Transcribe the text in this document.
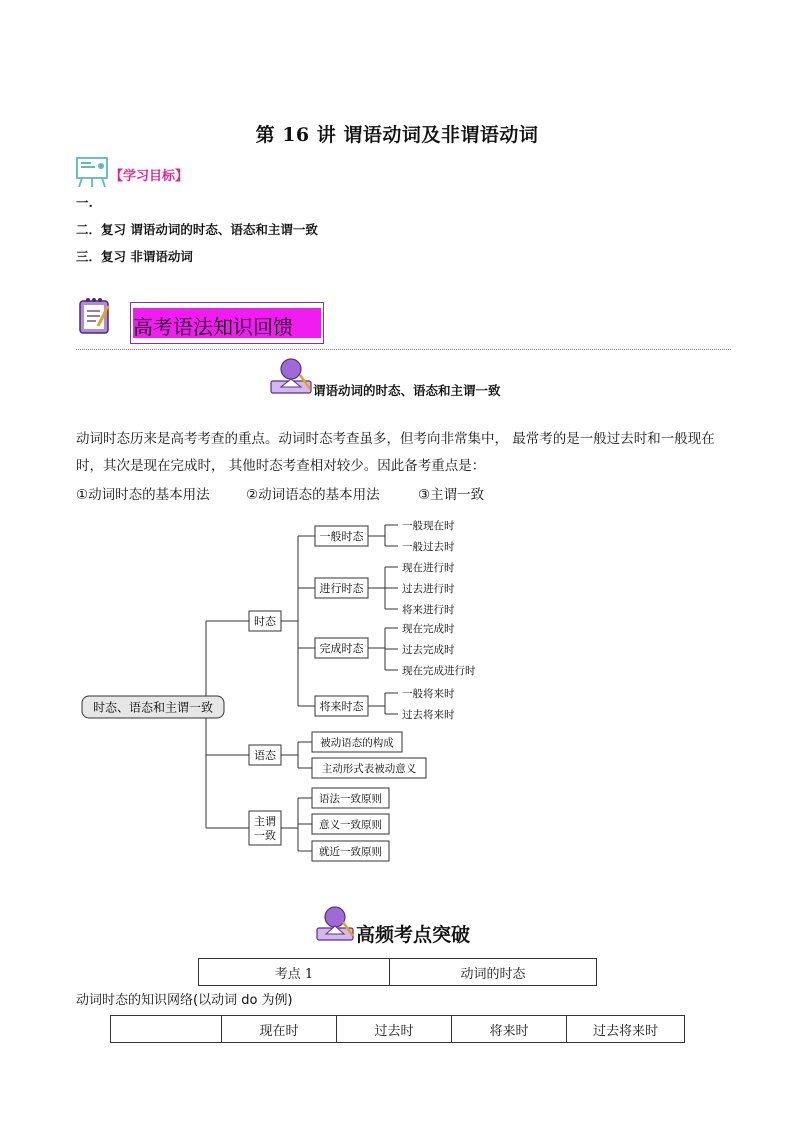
第 16 讲 谓语动词及非谓语动词
【学习目标】
一.
二．复习 谓语动词的时态、语态和主谓一致
三．复习 非谓语动词
高考语法知识回馈
谓语动词的时态、语态和主谓一致
动词时态历来是高考考查的重点。动词时态考查虽多，但考向非常集中， 最常考的是一般过去时和一般现在时，其次是现在完成时， 其他时态考查相对较少。因此备考重点是：
①动词时态的基本用法	②动词语态的基本用法	③主谓一致
时态、语态和主谓一致
时态
一般时态
进行时态
完成时态
将来时态
一般现在时
一般过去时
现在进行时
过去进行时
将来进行时
现在完成时
过去完成时
现在完成进行时
一般将来时
过去将来时
语态
被动语态的构成
主动形式表被动意义
主谓
一致
语法一致原则
意义一致原则
就近一致原则
高频考点突破
考点 1	动词的时态
动词时态的知识网络(以动词 do 为例)
	现在时	过去时	将来时	过去将来时
